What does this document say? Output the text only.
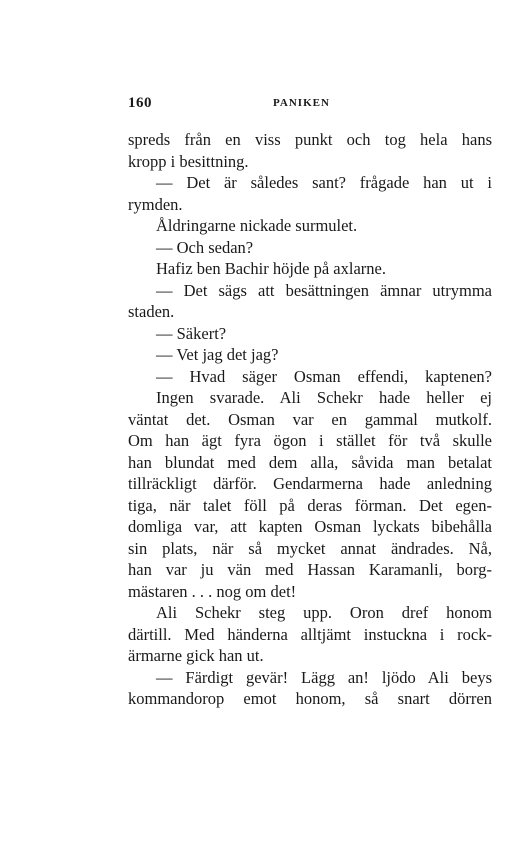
160	PANIKEN
spreds från en viss punkt och tog hela hans
kropp i besittning.
— Det är således sant? frågade han ut i
rymden.
Åldringarne nickade surmulet.
— Och sedan?
Hafiz ben Bachir höjde på axlarne.
— Det sägs att besättningen ämnar utrymma
staden.
— Säkert?
— Vet jag det jag?
— Hvad säger Osman effendi, kaptenen?
Ingen svarade. Ali Schekr hade heller ej
väntat det. Osman var en gammal mutkolf.
Om han ägt fyra ögon i stället för två skulle
han blundat med dem alla, såvida man betalat
tillräckligt därför. Gendarmerna hade anledning
tiga, när talet föll på deras förman. Det egen-
domliga var, att kapten Osman lyckats bibehålla
sin plats, när så mycket annat ändrades. Nå,
han var ju vän med Hassan Karamanli, borg-
mästaren . . . nog om det!
Ali Schekr steg upp. Oron dref honom
därtill. Med händerna alltjämt instuckna i rock-
ärmarne gick han ut.
— Färdigt gevär! Lägg an! ljödo Ali beys
kommandorop emot honom, så snart dörren
